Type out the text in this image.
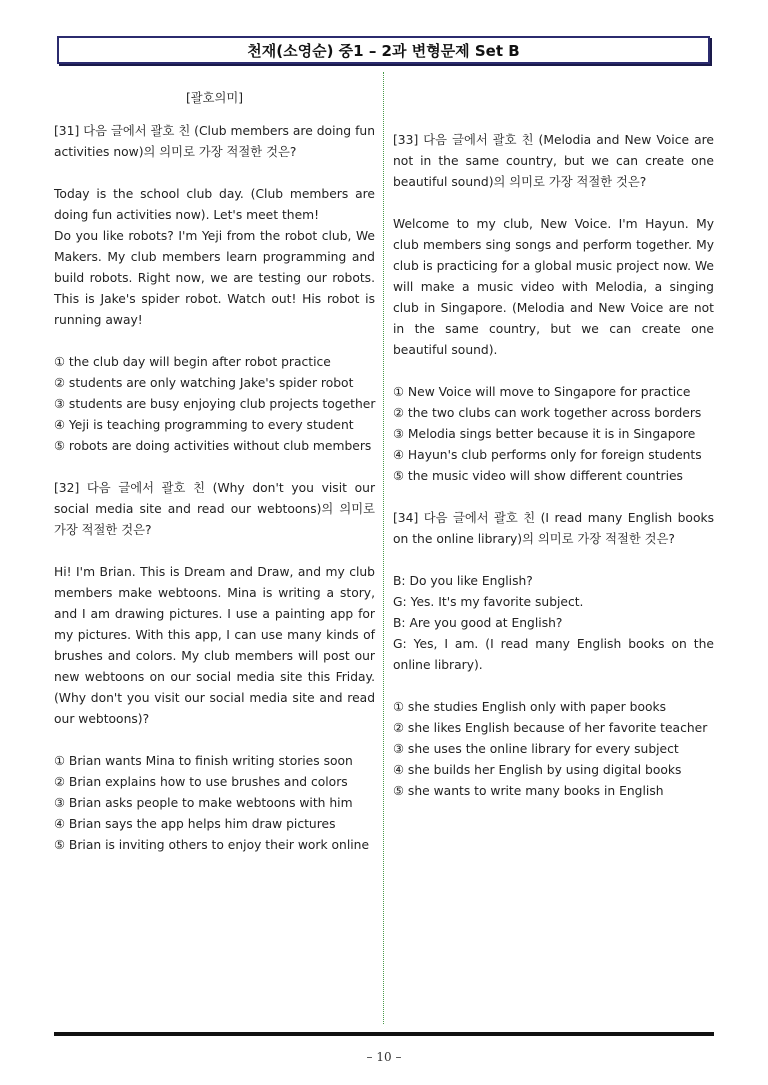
천재(소영순) 중1 – 2과 변형문제 Set B
[괄호의미]
[31] 다음 글에서 괄호 친 (Club members are doing fun activities now)의 의미로 가장 적절한 것은?

Today is the school club day. (Club members are doing fun activities now). Let's meet them!

Do you like robots? I'm Yeji from the robot club, We Makers. My club members learn programming and build robots. Right now, we are testing our robots. This is Jake's spider robot. Watch out! His robot is running away!

① the club day will begin after robot practice
② students are only watching Jake's spider robot
③ students are busy enjoying club projects together
④ Yeji is teaching programming to every student
⑤ robots are doing activities without club members
[32] 다음 글에서 괄호 친 (Why don't you visit our social media site and read our webtoons)의 의미로 가장 적절한 것은?

Hi! I'm Brian. This is Dream and Draw, and my club members make webtoons. Mina is writing a story, and I am drawing pictures. I use a painting app for my pictures. With this app, I can use many kinds of brushes and colors. My club members will post our new webtoons on our social media site this Friday. (Why don't you visit our social media site and read our webtoons)?

① Brian wants Mina to finish writing stories soon
② Brian explains how to use brushes and colors
③ Brian asks people to make webtoons with him
④ Brian says the app helps him draw pictures
⑤ Brian is inviting others to enjoy their work online
[33] 다음 글에서 괄호 친 (Melodia and New Voice are not in the same country, but we can create one beautiful sound)의 의미로 가장 적절한 것은?

Welcome to my club, New Voice. I'm Hayun. My club members sing songs and perform together. My club is practicing for a global music project now. We will make a music video with Melodia, a singing club in Singapore. (Melodia and New Voice are not in the same country, but we can create one beautiful sound).

① New Voice will move to Singapore for practice
② the two clubs can work together across borders
③ Melodia sings better because it is in Singapore
④ Hayun's club performs only for foreign students
⑤ the music video will show different countries
[34] 다음 글에서 괄호 친 (I read many English books on the online library)의 의미로 가장 적절한 것은?

B: Do you like English?

G: Yes. It's my favorite subject.

B: Are you good at English?

G: Yes, I am. (I read many English books on the online library).

① she studies English only with paper books
② she likes English because of her favorite teacher
③ she uses the online library for every subject
④ she builds her English by using digital books
⑤ she wants to write many books in English
– 10 –
